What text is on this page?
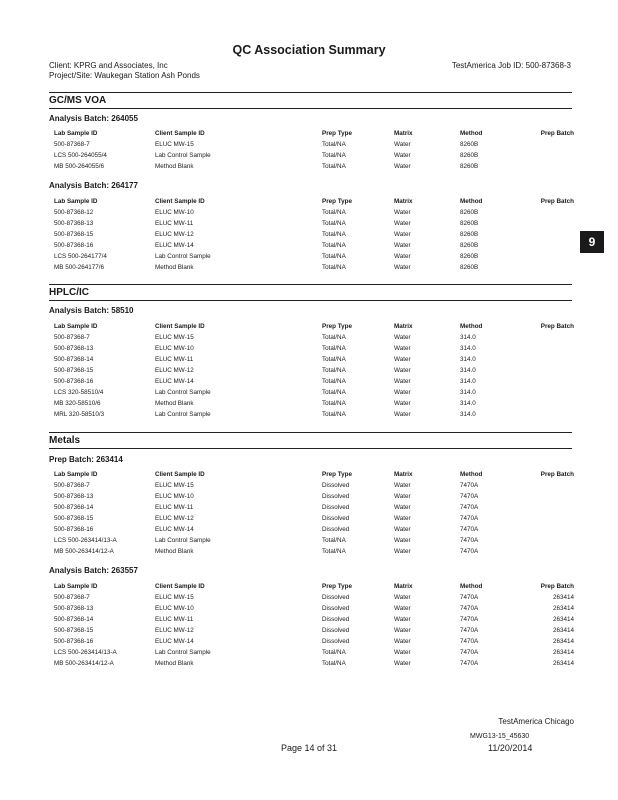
QC Association Summary
Client: KPRG and Associates, Inc
Project/Site: Waukegan Station Ash Ponds
TestAmerica Job ID: 500-87368-3
9
GC/MS VOA
Analysis Batch: 264055
Lab Sample ID	Client Sample ID	Prep Type	Matrix	Method	Prep Batch
500-87368-7	ELUC MW-15	Total/NA	Water	8260B
LCS 500-264055/4	Lab Control Sample	Total/NA	Water	8260B
MB 500-264055/6	Method Blank	Total/NA	Water	8260B
Analysis Batch: 264177
Lab Sample ID	Client Sample ID	Prep Type	Matrix	Method	Prep Batch
500-87368-12	ELUC MW-10	Total/NA	Water	8260B
500-87368-13	ELUC MW-11	Total/NA	Water	8260B
500-87368-15	ELUC MW-12	Total/NA	Water	8260B
500-87368-16	ELUC MW-14	Total/NA	Water	8260B
LCS 500-264177/4	Lab Control Sample	Total/NA	Water	8260B
MB 500-264177/6	Method Blank	Total/NA	Water	8260B
HPLC/IC
Analysis Batch: 58510
Lab Sample ID	Client Sample ID	Prep Type	Matrix	Method	Prep Batch
500-87368-7	ELUC MW-15	Total/NA	Water	314.0
500-87368-13	ELUC MW-10	Total/NA	Water	314.0
500-87368-14	ELUC MW-11	Total/NA	Water	314.0
500-87368-15	ELUC MW-12	Total/NA	Water	314.0
500-87368-16	ELUC MW-14	Total/NA	Water	314.0
LCS 320-58510/4	Lab Control Sample	Total/NA	Water	314.0
MB 320-58510/6	Method Blank	Total/NA	Water	314.0
MRL 320-58510/3	Lab Control Sample	Total/NA	Water	314.0
Metals
Prep Batch: 263414
Lab Sample ID	Client Sample ID	Prep Type	Matrix	Method	Prep Batch
500-87368-7	ELUC MW-15	Dissolved	Water	7470A
500-87368-13	ELUC MW-10	Dissolved	Water	7470A
500-87368-14	ELUC MW-11	Dissolved	Water	7470A
500-87368-15	ELUC MW-12	Dissolved	Water	7470A
500-87368-16	ELUC MW-14	Dissolved	Water	7470A
LCS 500-263414/13-A	Lab Control Sample	Total/NA	Water	7470A
MB 500-263414/12-A	Method Blank	Total/NA	Water	7470A
Analysis Batch: 263557
Lab Sample ID	Client Sample ID	Prep Type	Matrix	Method	Prep Batch
500-87368-7	ELUC MW-15	Dissolved	Water	7470A	263414
500-87368-13	ELUC MW-10	Dissolved	Water	7470A	263414
500-87368-14	ELUC MW-11	Dissolved	Water	7470A	263414
500-87368-15	ELUC MW-12	Dissolved	Water	7470A	263414
500-87368-16	ELUC MW-14	Dissolved	Water	7470A	263414
LCS 500-263414/13-A	Lab Control Sample	Total/NA	Water	7470A	263414
MB 500-263414/12-A	Method Blank	Total/NA	Water	7470A	263414
TestAmerica Chicago
MWG13-15_45630
Page 14 of 31	11/20/2014
